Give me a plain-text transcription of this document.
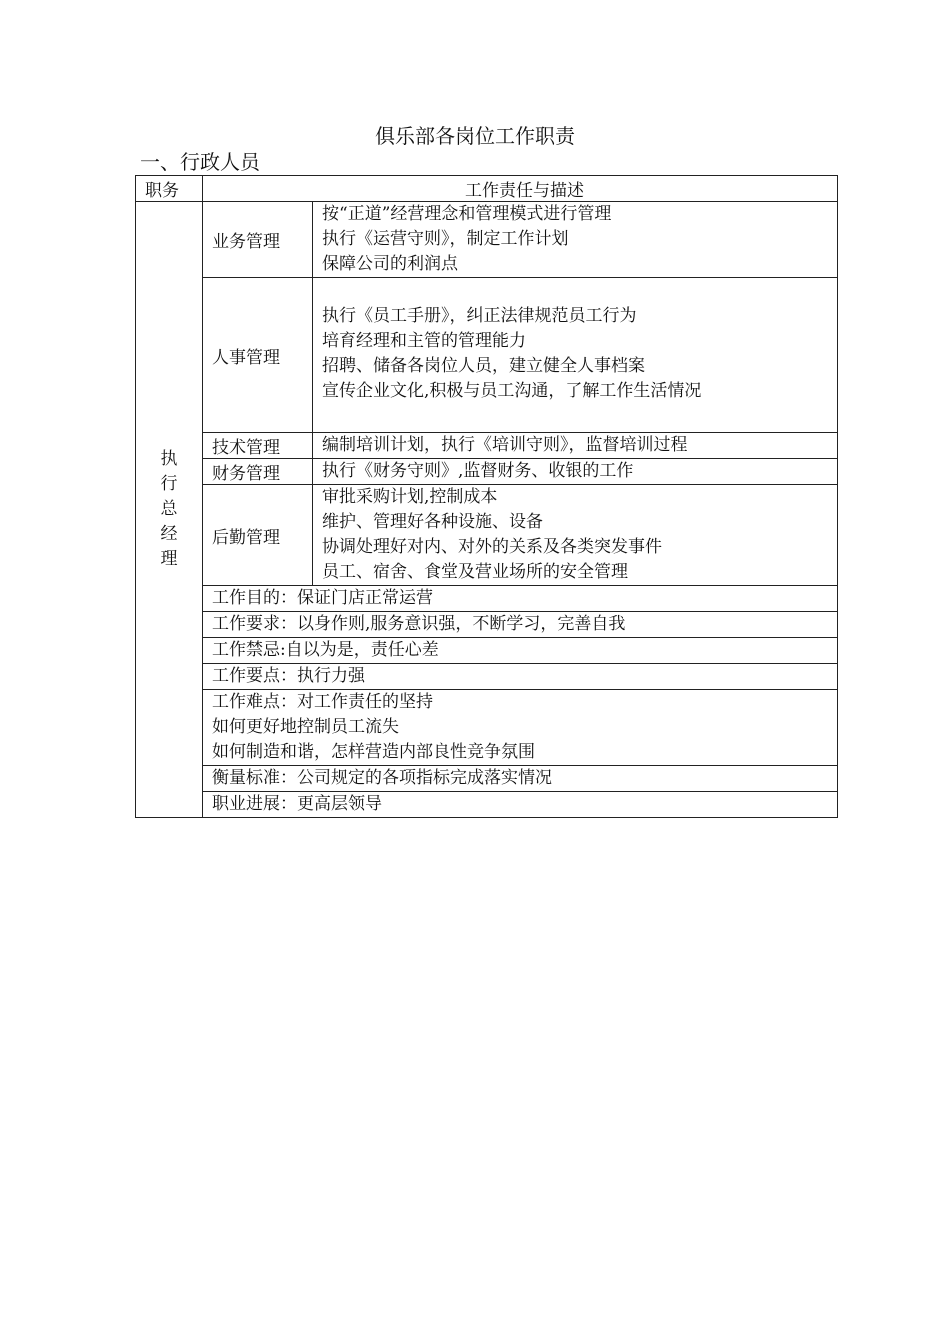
俱乐部各岗位工作职责
一、行政人员
职务	工作责任与描述	

执
行
总
经
理	业务管理	按“正道”经营理念和管理模式进行管理
执行《运营守则》，制定工作计划
保障公司的利润点

	人事管理	执行《员工手册》，纠正法律规范员工行为
培育经理和主管的管理能力
招聘、储备各岗位人员，建立健全人事档案
宣传企业文化,积极与员工沟通，了解工作生活情况

	技术管理	编制培训计划，执行《培训守则》，监督培训过程

	财务管理	执行《财务守则》,监督财务、收银的工作

	后勤管理	审批采购计划,控制成本
维护、管理好各种设施、设备
协调处理好对内、对外的关系及各类突发事件
员工、宿舍、食堂及营业场所的安全管理

	工作目的：保证门店正常运营	

	工作要求：以身作则,服务意识强，不断学习，完善自我	

	工作禁忌:自以为是，责任心差	

	工作要点：执行力强	

	工作难点：对工作责任的坚持
如何更好地控制员工流失
如何制造和谐，怎样营造内部良性竞争氛围	

	衡量标准：公司规定的各项指标完成落实情况	

	职业进展：更高层领导	
